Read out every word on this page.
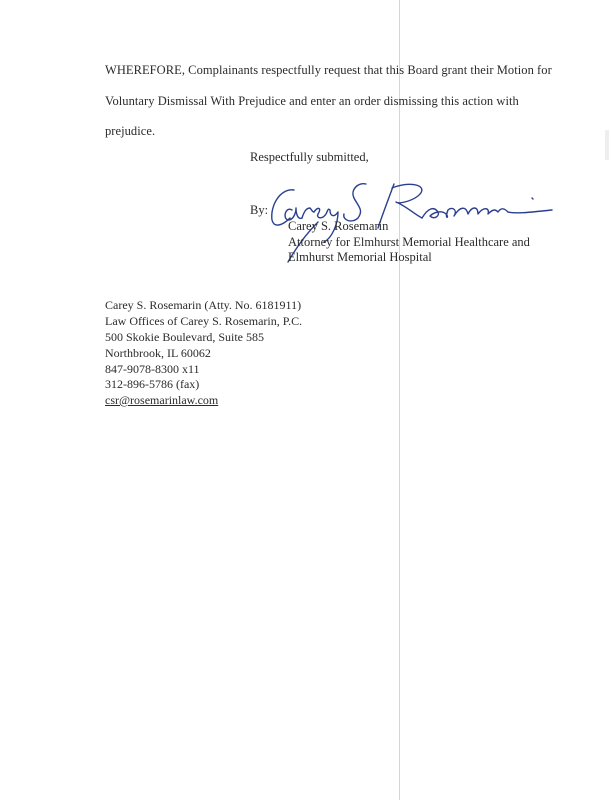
WHEREFORE, Complainants respectfully request that this Board grant their Motion for
Voluntary Dismissal With Prejudice and enter an order dismissing this action with
prejudice.
Respectfully submitted,
By:
Carey S. Rosemarin
Attorney for Elmhurst Memorial Healthcare and
Elmhurst Memorial Hospital
Carey S. Rosemarin (Atty. No. 6181911)
Law Offices of Carey S. Rosemarin, P.C.
500 Skokie Boulevard, Suite 585
Northbrook, IL 60062
847-9078-8300 x11
312-896-5786 (fax)
csr@rosemarinlaw.com
